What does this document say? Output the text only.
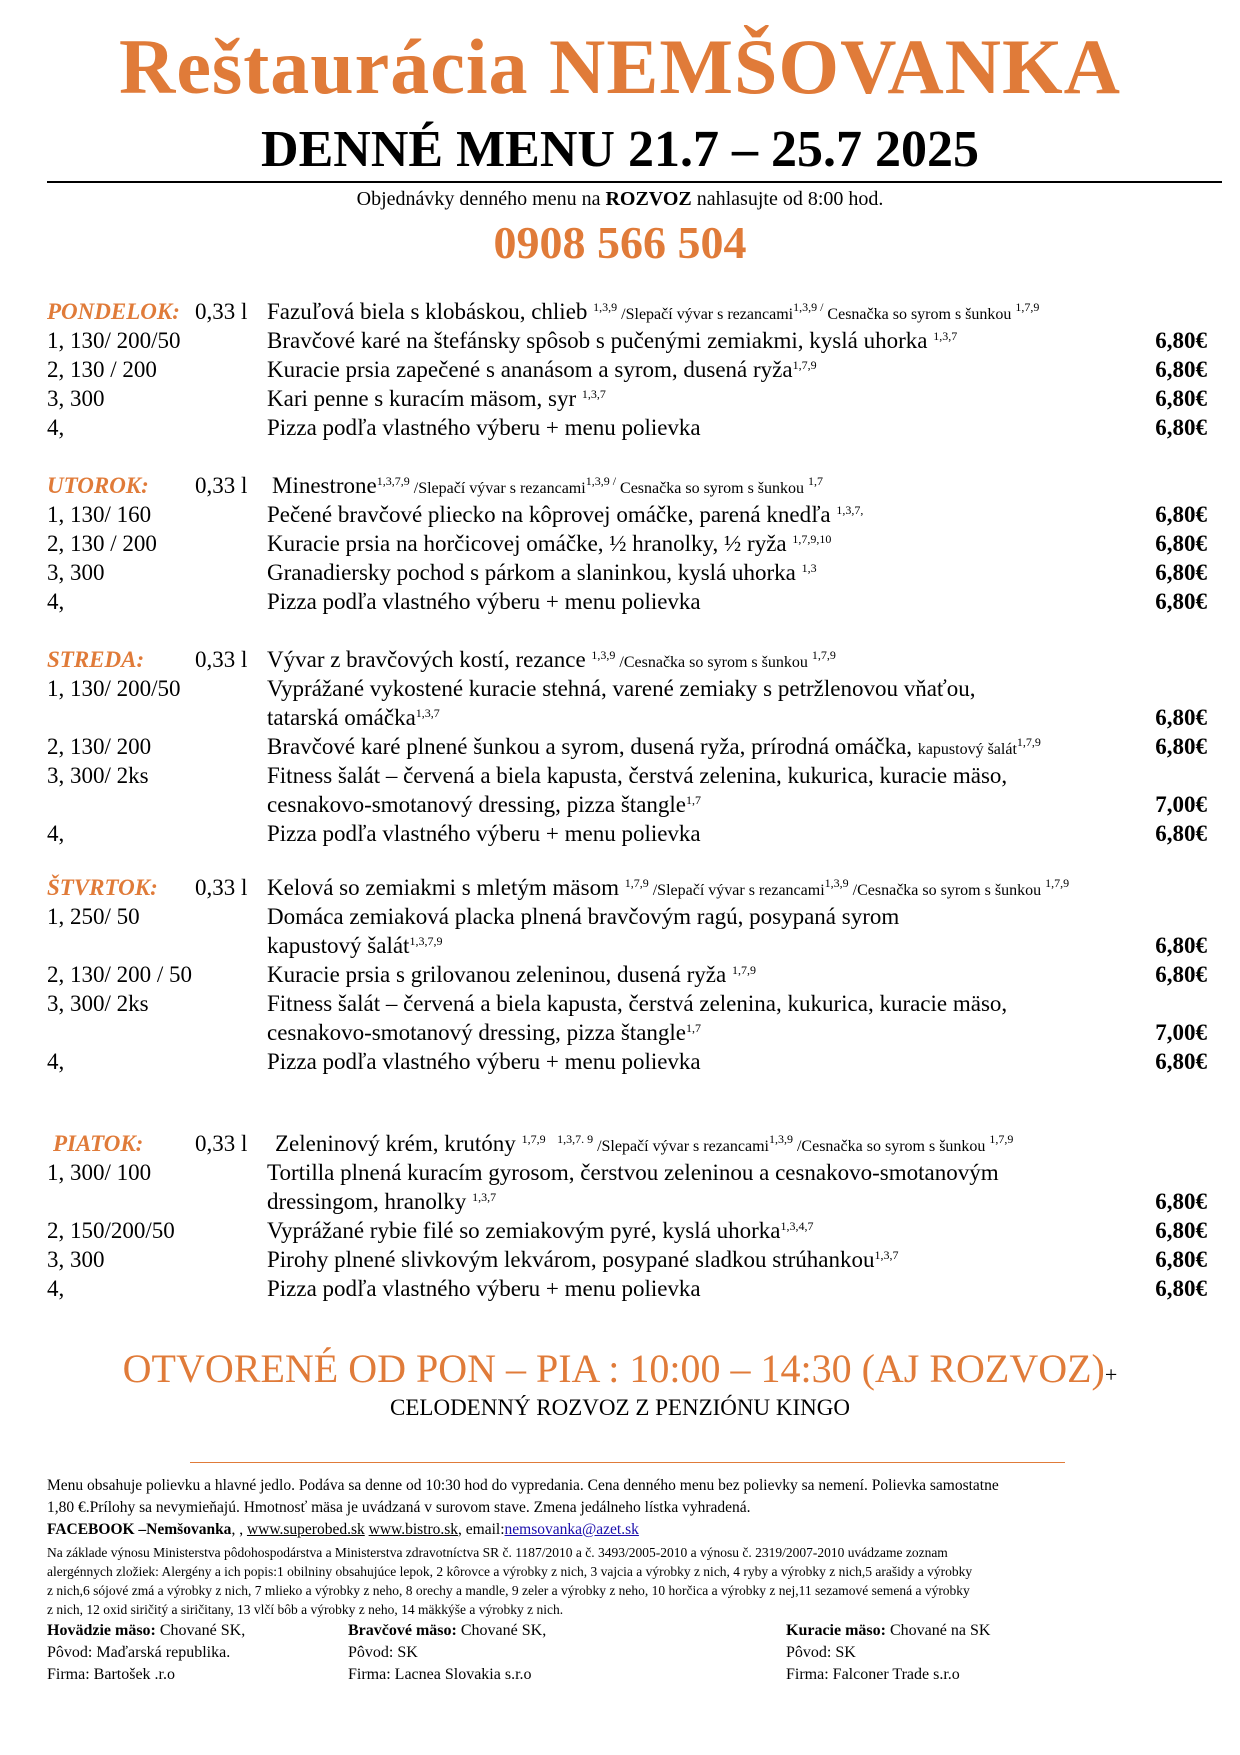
Reštaurácia NEMŠOVANKA
DENNÉ MENU 21.7 – 25.7 2025
Objednávky denného menu na ROZVOZ nahlasujte od 8:00 hod.
0908 566 504
PONDELOK: 0,33 l Fazuľová biela s klobáskou, chlieb $^{1,3,9}$ /Slepačí vývar s rezancami$^{1,3,9 /}$ Cesnačka so syrom s šunkou $^{1,7,9}$
1, 130/ 200/50	Bravčové karé na štefánsky spôsob s pučenými zemiakmi, kyslá uhorka $^{1,3,7}$	6,80€
2, 130 / 200	Kuracie prsia zapečené s ananásom a syrom, dusená ryža$^{1,7,9}$	6,80€
3, 300	Kari penne s kuracím mäsom, syr $^{1,3,7}$	6,80€
4,	Pizza podľa vlastného výberu + menu polievka	6,80€
UTOROK: 0,33 l Minestrone$^{1,3,7,9}$ /Slepačí vývar s rezancami$^{1,3,9 /}$ Cesnačka so syrom s šunkou $^{1,7}$
1, 130/ 160	Pečené bravčové pliecko na kôprovej omáčke, parená knedľa $^{1,3,7,}$	6,80€
2, 130 / 200	Kuracie prsia na horčicovej omáčke, ½ hranolky, ½ ryža $^{1,7,9,10}$	6,80€
3, 300	Granadiersky pochod s párkom a slaninkou, kyslá uhorka $^{1,3}$	6,80€
4,	Pizza podľa vlastného výberu + menu polievka	6,80€
STREDA: 0,33 l Vývar z bravčových kostí, rezance $^{1,3,9}$ /Cesnačka so syrom s šunkou $^{1,7,9}$
1, 130/ 200/50	Vyprážané vykostené kuracie stehná, varené zemiaky s petržlenovou vňaťou,
tatarská omáčka$^{1,3,7}$	6,80€
2, 130/ 200	Bravčové karé plnené šunkou a syrom, dusená ryža, prírodná omáčka, kapustový šalát$^{1,7,9}$	6,80€
3, 300/ 2ks	Fitness šalát – červená a biela kapusta, čerstvá zelenina, kukurica, kuracie mäso,
cesnakovo-smotanový dressing, pizza štangle$^{1,7}$	7,00€
4,	Pizza podľa vlastného výberu + menu polievka	6,80€
ŠTVRTOK: 0,33 l Kelová so zemiakmi s mletým mäsom $^{1,7,9}$ /Slepačí vývar s rezancami$^{1,3,9}$ /Cesnačka so syrom s šunkou $^{1,7,9}$
1, 250/ 50	Domáca zemiaková placka plnená bravčovým ragú, posypaná syrom
kapustový šalát$^{1,3,7,9}$	6,80€
2, 130/ 200 / 50	Kuracie prsia s grilovanou zeleninou, dusená ryža $^{1,7,9}$	6,80€
3, 300/ 2ks	Fitness šalát – červená a biela kapusta, čerstvá zelenina, kukurica, kuracie mäso,
cesnakovo-smotanový dressing, pizza štangle$^{1,7}$	7,00€
4,	Pizza podľa vlastného výberu + menu polievka	6,80€
PIATOK: 0,33 l Zeleninový krém, krutóny $^{1,7,9}$ $^{1,3,7. 9}$ /Slepačí vývar s rezancami$^{1,3,9}$ /Cesnačka so syrom s šunkou $^{1,7,9}$
1, 300/ 100	Tortilla plnená kuracím gyrosom, čerstvou zeleninou a cesnakovo-smotanovým
dressingom, hranolky $^{1,3,7}$	6,80€
2, 150/200/50	Vyprážané rybie filé so zemiakovým pyré, kyslá uhorka$^{1,3,4,7}$	6,80€
3, 300	Pirohy plnené slivkovým lekvárom, posypané sladkou strúhankou$^{1,3,7}$	6,80€
4,	Pizza podľa vlastného výberu + menu polievka	6,80€
OTVORENÉ OD PON – PIA : 10:00 – 14:30 (AJ ROZVOZ)+
CELODENNÝ ROZVOZ Z PENZIÓNU KINGO
Menu obsahuje polievku a hlavné jedlo. Podáva sa denne od 10:30 hod do vypredania. Cena denného menu bez polievky sa nemení. Polievka samostatne
1,80 €.Prílohy sa nevymieňajú. Hmotnosť mäsa je uvádzaná v surovom stave. Zmena jedálneho lístka vyhradená.
FACEBOOK –Nemšovanka, , www.superobed.sk www.bistro.sk, email:nemsovanka@azet.sk
Na základe výnosu Ministerstva pôdohospodárstva a Ministerstva zdravotníctva SR č. 1187/2010 a č. 3493/2005-2010 a výnosu č. 2319/2007-2010 uvádzame zoznam
alergénnych zložiek: Alergény a ich popis:1 obilniny obsahujúce lepok, 2 kôrovce a výrobky z nich, 3 vajcia a výrobky z nich, 4 ryby a výrobky z nich,5 arašidy a výrobky
z nich,6 sójové zmá a výrobky z nich, 7 mlieko a výrobky z neho, 8 orechy a mandle, 9 zeler a výrobky z neho, 10 horčica a výrobky z nej,11 sezamové semená a výrobky
z nich, 12 oxid siričitý a siričitany, 13 vlčí bôb a výrobky z neho, 14 mäkkýše a výrobky z nich.
Hovädzie mäso: Chované SK,
Pôvod: Maďarská republika.
Firma: Bartošek .r.o
Bravčové mäso: Chované SK,
Pôvod: SK
Firma: Lacnea Slovakia s.r.o
Kuracie mäso: Chované na SK
Pôvod: SK
Firma: Falconer Trade s.r.o
